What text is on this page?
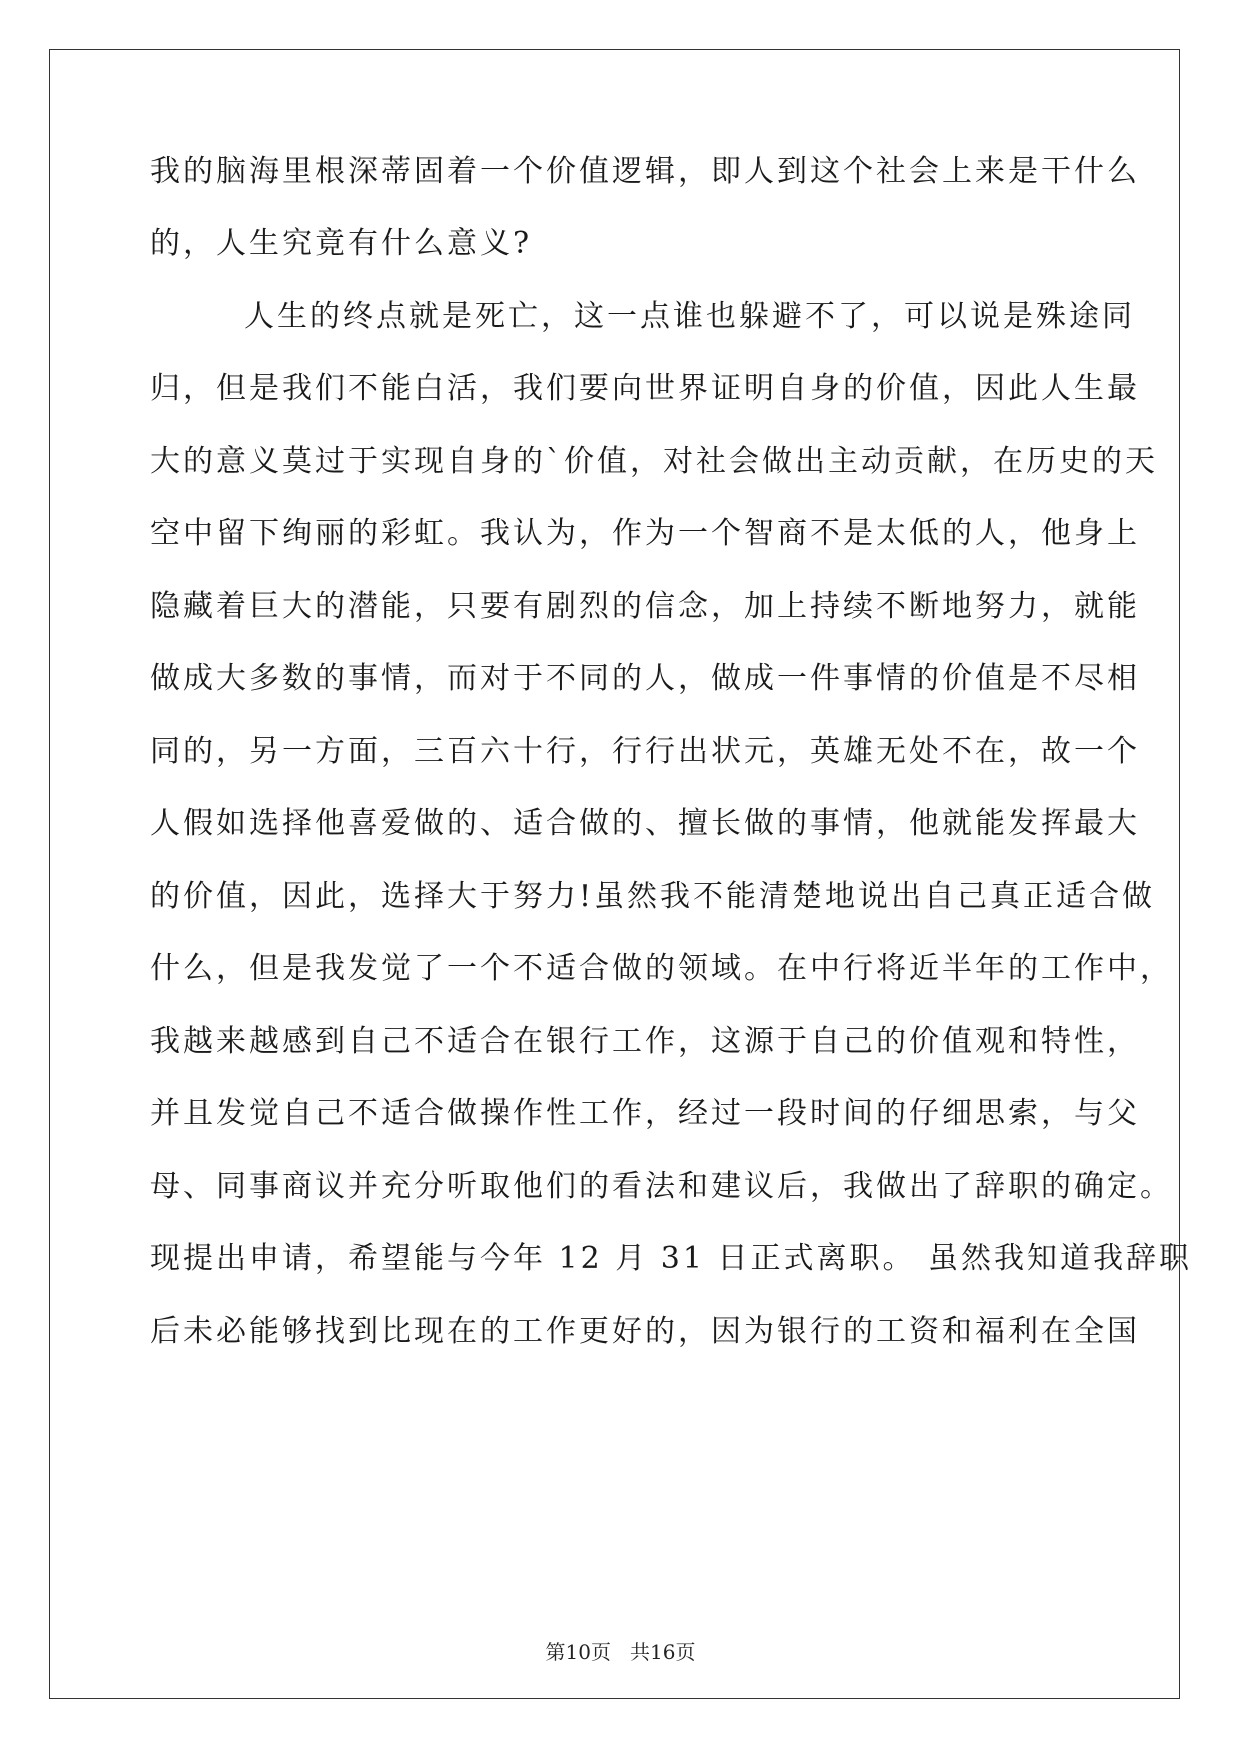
我的脑海里根深蒂固着一个价值逻辑，即人到这个社会上来是干什么
的，人生究竟有什么意义?
人生的终点就是死亡，这一点谁也躲避不了，可以说是殊途同
归，但是我们不能白活，我们要向世界证明自身的价值，因此人生最
大的意义莫过于实现自身的`价值，对社会做出主动贡献，在历史的天
空中留下绚丽的彩虹。我认为，作为一个智商不是太低的人，他身上
隐藏着巨大的潜能，只要有剧烈的信念，加上持续不断地努力，就能
做成大多数的事情，而对于不同的人，做成一件事情的价值是不尽相
同的，另一方面，三百六十行，行行出状元，英雄无处不在，故一个
人假如选择他喜爱做的、适合做的、擅长做的事情，他就能发挥最大
的价值，因此，选择大于努力!虽然我不能清楚地说出自己真正适合做
什么，但是我发觉了一个不适合做的领域。在中行将近半年的工作中，
我越来越感到自己不适合在银行工作，这源于自己的价值观和特性，
并且发觉自己不适合做操作性工作，经过一段时间的仔细思索，与父
母、同事商议并充分听取他们的看法和建议后，我做出了辞职的确定。
现提出申请，希望能与今年 12 月 31 日正式离职。 虽然我知道我辞职
后未必能够找到比现在的工作更好的，因为银行的工资和福利在全国
第10页 共16页
